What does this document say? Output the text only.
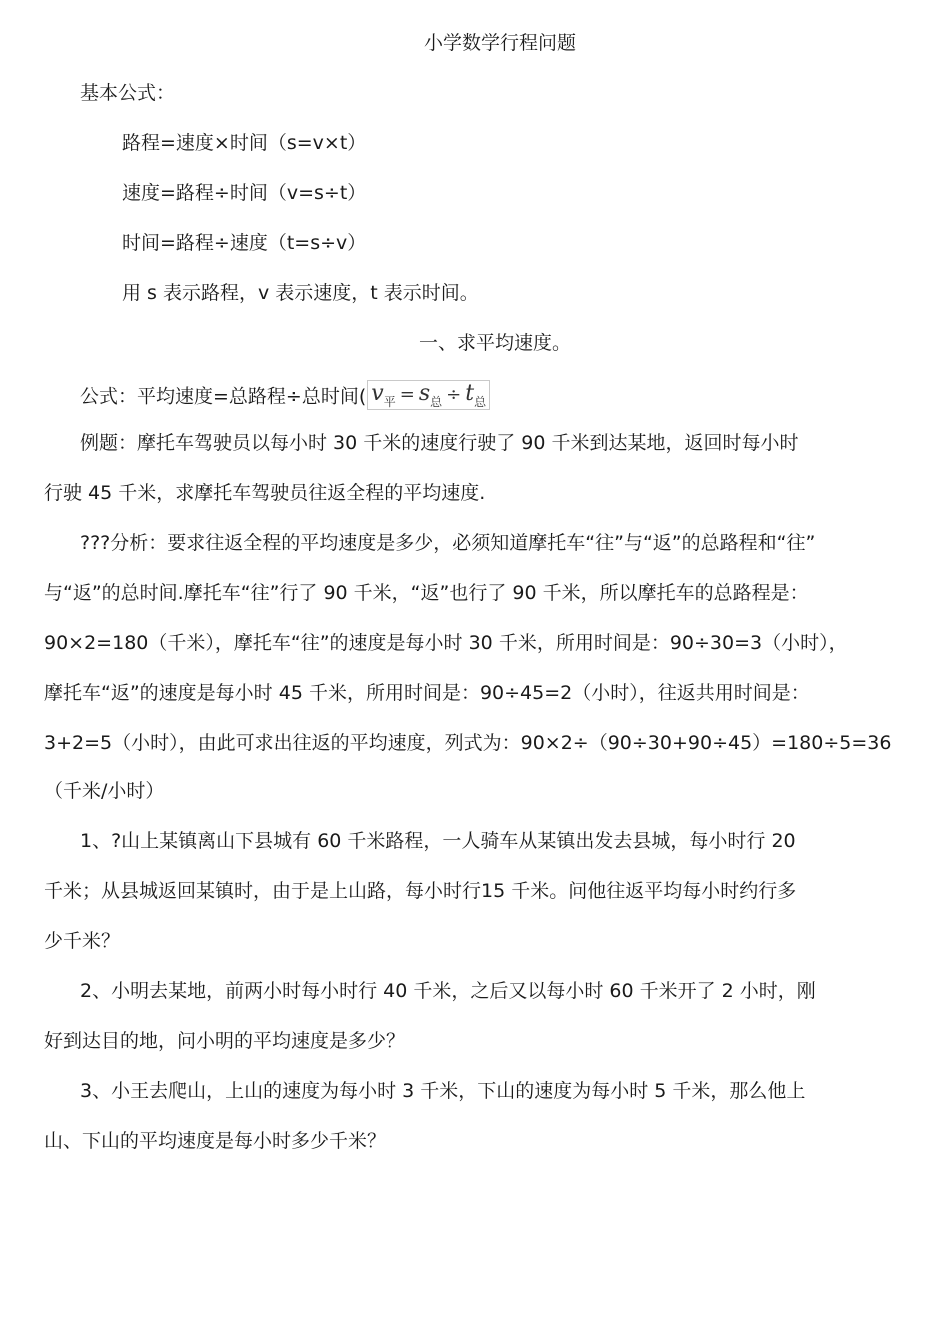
小学数学行程问题
基本公式：
路程=速度×时间（s=v×t）
速度=路程÷时间（v=s÷t）
时间=路程÷速度（t=s÷v）
用 s 表示路程，v 表示速度，t 表示时间。
一、求平均速度。
公式：平均速度=总路程÷总时间( $v_平 = s_总 \div t_总$
例题：摩托车驾驶员以每小时 30 千米的速度行驶了 90 千米到达某地，返回时每小时
行驶 45 千米，求摩托车驾驶员往返全程的平均速度.
???分析：要求往返全程的平均速度是多少，必须知道摩托车“往”与“返”的总路程和“往”
与“返”的总时间.摩托车“往”行了 90 千米，“返”也行了 90 千米，所以摩托车的总路程是：
90×2=180（千米），摩托车“往”的速度是每小时 30 千米，所用时间是：90÷30=3（小时），
摩托车“返”的速度是每小时 45 千米，所用时间是：90÷45=2（小时），往返共用时间是：
3+2=5（小时），由此可求出往返的平均速度，列式为：90×2÷（90÷30+90÷45）=180÷5=36
（千米/小时）
1、?山上某镇离山下县城有 60 千米路程，一人骑车从某镇出发去县城，每小时行 20
千米；从县城返回某镇时，由于是上山路，每小时行15 千米。问他往返平均每小时约行多
少千米？
2、小明去某地，前两小时每小时行 40 千米，之后又以每小时 60 千米开了 2 小时，刚
好到达目的地，问小明的平均速度是多少？
3、小王去爬山，上山的速度为每小时 3 千米，下山的速度为每小时 5 千米，那么他上
山、下山的平均速度是每小时多少千米？
